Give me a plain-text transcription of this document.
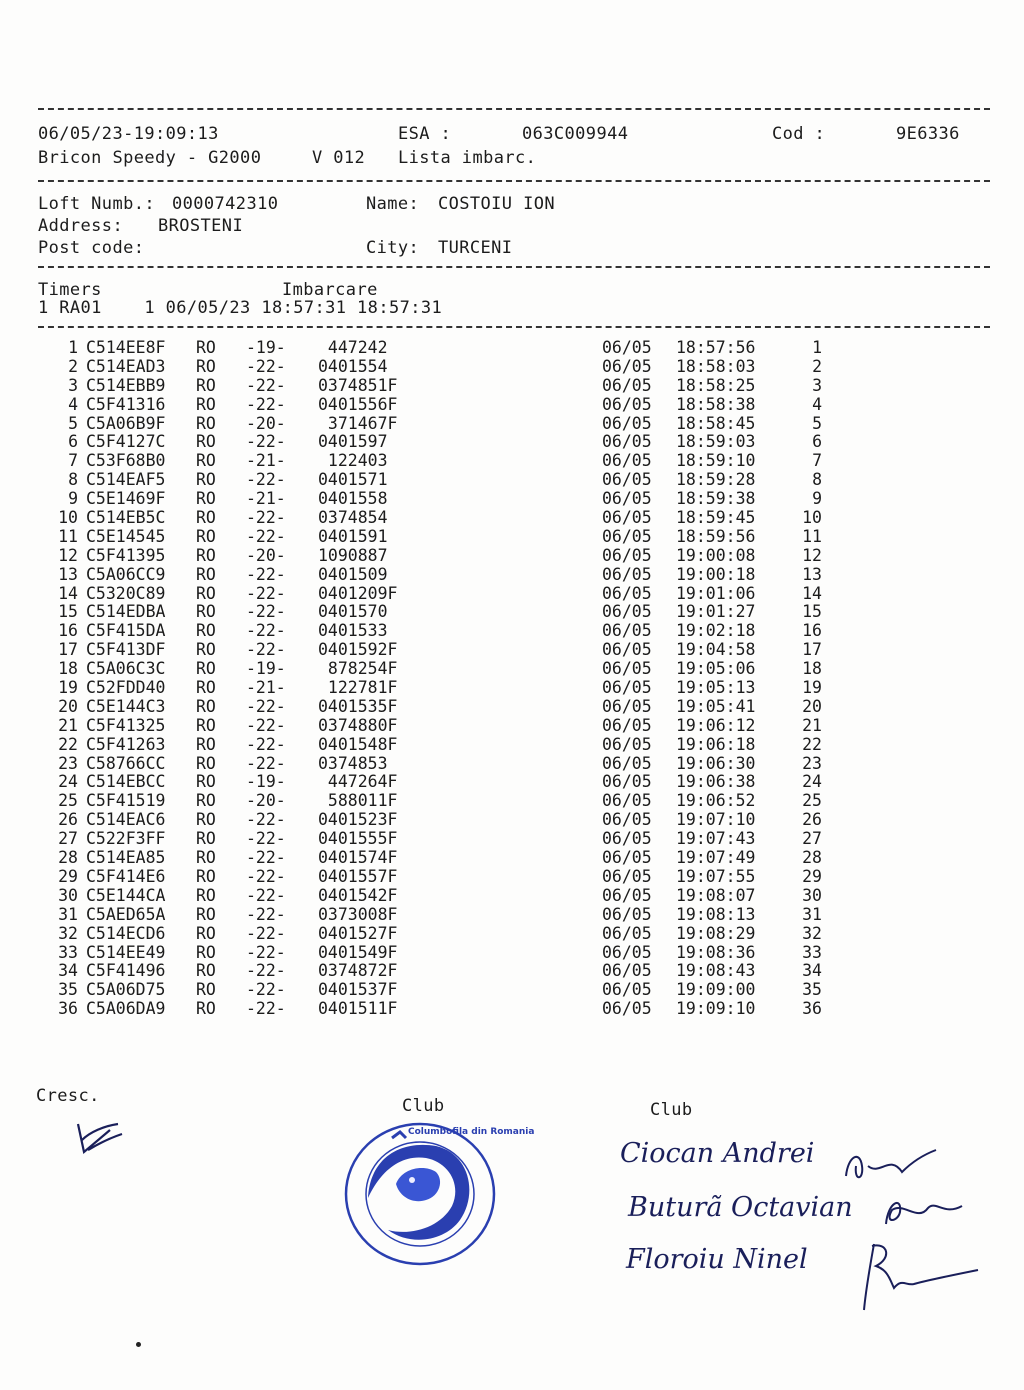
06/05/23-19:09:13	ESA :	063C009944	Cod :	9E6336
Bricon Speedy - G2000	V 012 Lista imbarc.
Loft Numb.: 0000742310	Name: COSTOIU ION
Address: BROSTENI
Post code:	City: TURCENI
Timers	Imbarcare
1 RA01    1 06/05/23 18:57:31 18:57:31
1 C514EE8F RO -19- 447242	06/05 18:57:56	1
2 C514EAD3 RO -22- 0401554	06/05 18:58:03	2
3 C514EBB9 RO -22- 0374851F	06/05 18:58:25	3
4 C5F41316 RO -22- 0401556F	06/05 18:58:38	4
5 C5A06B9F RO -20- 371467F	06/05 18:58:45	5
6 C5F4127C RO -22- 0401597	06/05 18:59:03	6
7 C53F68B0 RO -21- 122403	06/05 18:59:10	7
8 C514EAF5 RO -22- 0401571	06/05 18:59:28	8
9 C5E1469F RO -21- 0401558	06/05 18:59:38	9
10 C514EB5C RO -22- 0374854	06/05 18:59:45	10
11 C5E14545 RO -22- 0401591	06/05 18:59:56	11
12 C5F41395 RO -20- 1090887	06/05 19:00:08	12
13 C5A06CC9 RO -22- 0401509	06/05 19:00:18	13
14 C5320C89 RO -22- 0401209F	06/05 19:01:06	14
15 C514EDBA RO -22- 0401570	06/05 19:01:27	15
16 C5F415DA RO -22- 0401533	06/05 19:02:18	16
17 C5F413DF RO -22- 0401592F	06/05 19:04:58	17
18 C5A06C3C RO -19- 878254F	06/05 19:05:06	18
19 C52FDD40 RO -21- 122781F	06/05 19:05:13	19
20 C5E144C3 RO -22- 0401535F	06/05 19:05:41	20
21 C5F41325 RO -22- 0374880F	06/05 19:06:12	21
22 C5F41263 RO -22- 0401548F	06/05 19:06:18	22
23 C58766CC RO -22- 0374853	06/05 19:06:30	23
24 C514EBCC RO -19- 447264F	06/05 19:06:38	24
25 C5F41519 RO -20- 588011F	06/05 19:06:52	25
26 C514EAC6 RO -22- 0401523F	06/05 19:07:10	26
27 C522F3FF RO -22- 0401555F	06/05 19:07:43	27
28 C514EA85 RO -22- 0401574F	06/05 19:07:49	28
29 C5F414E6 RO -22- 0401557F	06/05 19:07:55	29
30 C5E144CA RO -22- 0401542F	06/05 19:08:07	30
31 C5AED65A RO -22- 0373008F	06/05 19:08:13	31
32 C514ECD6 RO -22- 0401527F	06/05 19:08:29	32
33 C514EE49 RO -22- 0401549F	06/05 19:08:36	33
34 C5F41496 RO -22- 0374872F	06/05 19:08:43	34
35 C5A06D75 RO -22- 0401537F	06/05 19:09:00	35
36 C5A06DA9 RO -22- 0401511F	06/05 19:09:10	36
Cresc.	Club	Club
Columbofila din Romania
Ciocan Andrei
Buturã Octavian
Floroiu Ninel
